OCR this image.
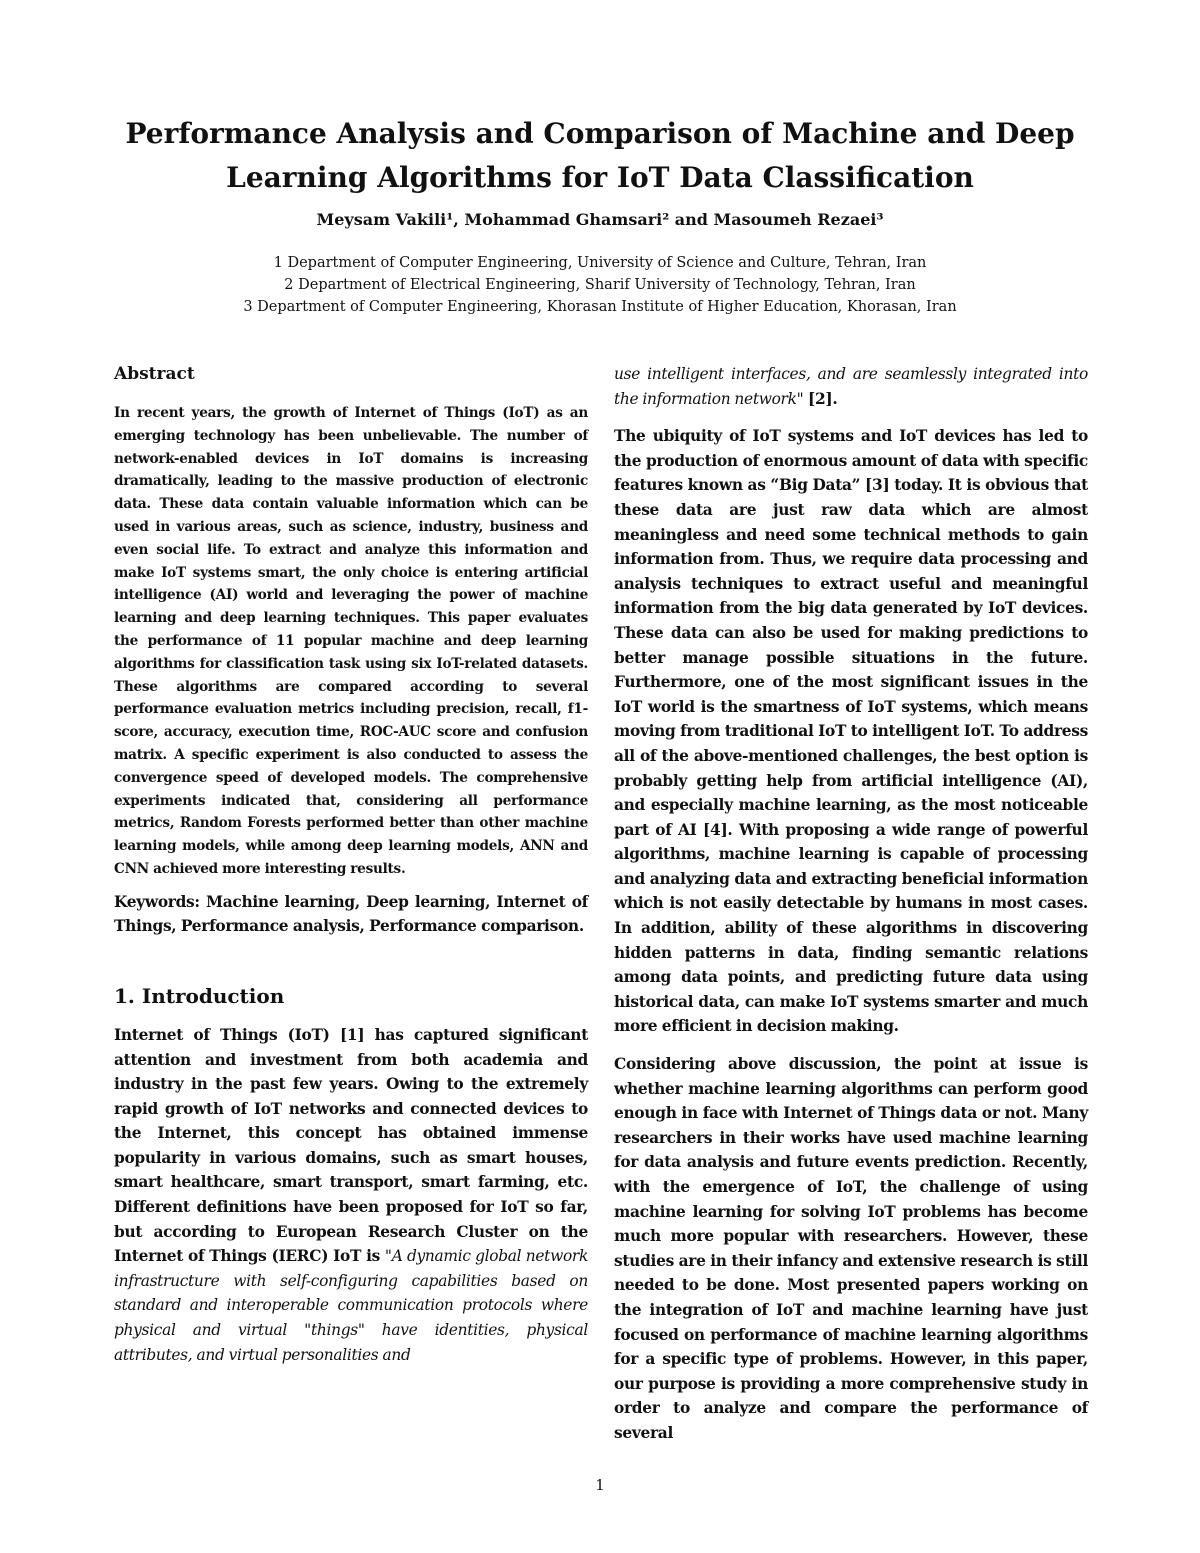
Performance Analysis and Comparison of Machine and Deep
Learning Algorithms for IoT Data Classification

Meysam Vakili¹, Mohammad Ghamsari² and Masoumeh Rezaei³

1 Department of Computer Engineering, University of Science and Culture, Tehran, Iran
2 Department of Electrical Engineering, Sharif University of Technology, Tehran, Iran
3 Department of Computer Engineering, Khorasan Institute of Higher Education, Khorasan, Iran
Abstract

In recent years, the growth of Internet of Things (IoT) as an emerging technology has been unbelievable. The number of network-enabled devices in IoT domains is increasing dramatically, leading to the massive production of electronic data. These data contain valuable information which can be used in various areas, such as science, industry, business and even social life. To extract and analyze this information and make IoT systems smart, the only choice is entering artificial intelligence (AI) world and leveraging the power of machine learning and deep learning techniques. This paper evaluates the performance of 11 popular machine and deep learning algorithms for classification task using six IoT-related datasets. These algorithms are compared according to several performance evaluation metrics including precision, recall, f1-score, accuracy, execution time, ROC-AUC score and confusion matrix. A specific experiment is also conducted to assess the convergence speed of developed models. The comprehensive experiments indicated that, considering all performance metrics, Random Forests performed better than other machine learning models, while among deep learning models, ANN and CNN achieved more interesting results.

Keywords: Machine learning, Deep learning, Internet of Things, Performance analysis, Performance comparison.

1. Introduction

Internet of Things (IoT) [1] has captured significant attention and investment from both academia and industry in the past few years. Owing to the extremely rapid growth of IoT networks and connected devices to the Internet, this concept has obtained immense popularity in various domains, such as smart houses, smart healthcare, smart transport, smart farming, etc. Different definitions have been proposed for IoT so far, but according to European Research Cluster on the Internet of Things (IERC) IoT is "A dynamic global network infrastructure with self-configuring capabilities based on standard and interoperable communication protocols where physical and virtual "things" have identities, physical attributes, and virtual personalities and

use intelligent interfaces, and are seamlessly integrated into the information network" [2].

The ubiquity of IoT systems and IoT devices has led to the production of enormous amount of data with specific features known as “Big Data” [3] today. It is obvious that these data are just raw data which are almost meaningless and need some technical methods to gain information from. Thus, we require data processing and analysis techniques to extract useful and meaningful information from the big data generated by IoT devices. These data can also be used for making predictions to better manage possible situations in the future. Furthermore, one of the most significant issues in the IoT world is the smartness of IoT systems, which means moving from traditional IoT to intelligent IoT. To address all of the above-mentioned challenges, the best option is probably getting help from artificial intelligence (AI), and especially machine learning, as the most noticeable part of AI [4]. With proposing a wide range of powerful algorithms, machine learning is capable of processing and analyzing data and extracting beneficial information which is not easily detectable by humans in most cases. In addition, ability of these algorithms in discovering hidden patterns in data, finding semantic relations among data points, and predicting future data using historical data, can make IoT systems smarter and much more efficient in decision making.

Considering above discussion, the point at issue is whether machine learning algorithms can perform good enough in face with Internet of Things data or not. Many researchers in their works have used machine learning for data analysis and future events prediction. Recently, with the emergence of IoT, the challenge of using machine learning for solving IoT problems has become much more popular with researchers. However, these studies are in their infancy and extensive research is still needed to be done. Most presented papers working on the integration of IoT and machine learning have just focused on performance of machine learning algorithms for a specific type of problems. However, in this paper, our purpose is providing a more comprehensive study in order to analyze and compare the performance of several

1
